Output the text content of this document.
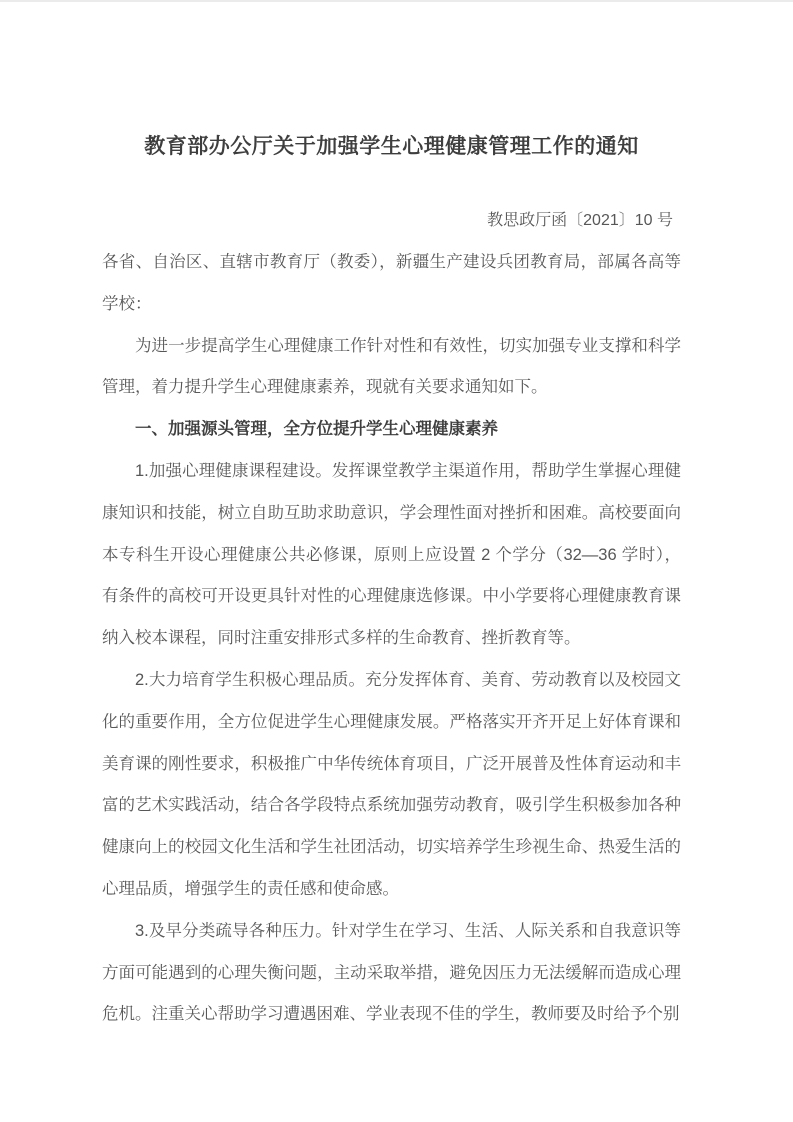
教育部办公厅关于加强学生心理健康管理工作的通知
教思政厅函〔2021〕10 号

各省、自治区、直辖市教育厅（教委），新疆生产建设兵团教育局，部属各高等学校：

为进一步提高学生心理健康工作针对性和有效性，切实加强专业支撑和科学管理，着力提升学生心理健康素养，现就有关要求通知如下。

一、加强源头管理，全方位提升学生心理健康素养

1.加强心理健康课程建设。发挥课堂教学主渠道作用，帮助学生掌握心理健康知识和技能，树立自助互助求助意识，学会理性面对挫折和困难。高校要面向本专科生开设心理健康公共必修课，原则上应设置 2 个学分（32—36 学时），有条件的高校可开设更具针对性的心理健康选修课。中小学要将心理健康教育课纳入校本课程，同时注重安排形式多样的生命教育、挫折教育等。

2.大力培育学生积极心理品质。充分发挥体育、美育、劳动教育以及校园文化的重要作用，全方位促进学生心理健康发展。严格落实开齐开足上好体育课和美育课的刚性要求，积极推广中华传统体育项目，广泛开展普及性体育运动和丰富的艺术实践活动，结合各学段特点系统加强劳动教育，吸引学生积极参加各种健康向上的校园文化生活和学生社团活动，切实培养学生珍视生命、热爱生活的心理品质，增强学生的责任感和使命感。

3.及早分类疏导各种压力。针对学生在学习、生活、人际关系和自我意识等方面可能遇到的心理失衡问题，主动采取举措，避免因压力无法缓解而造成心理危机。注重关心帮助学习遭遇困难、学业表现不佳的学生，教师要及时给予个别
